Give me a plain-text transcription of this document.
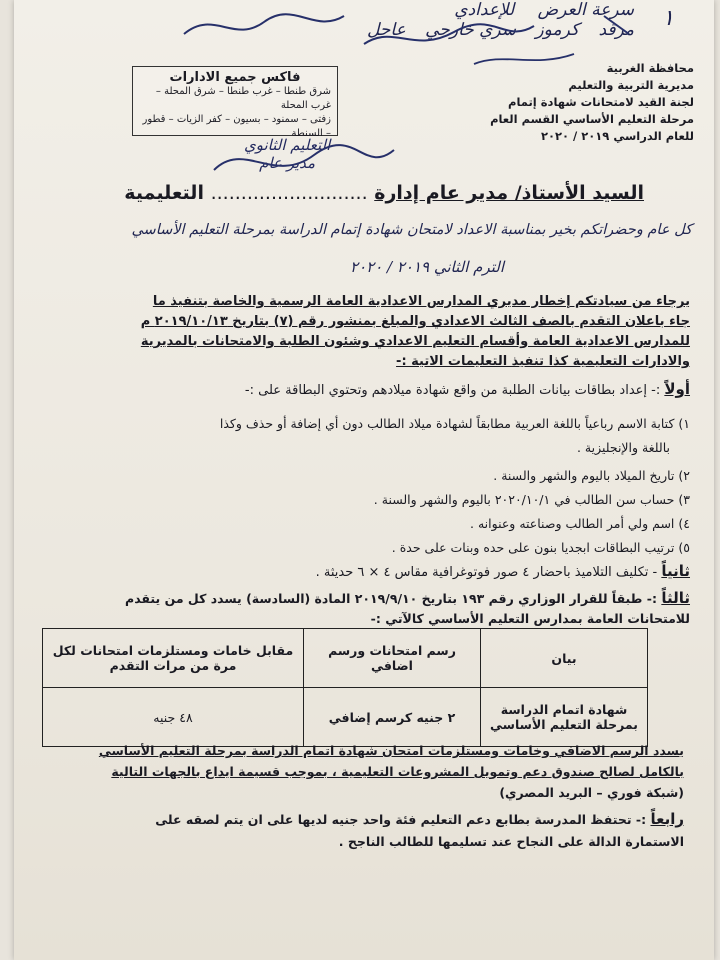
سرعة العرض للإعدادي
مرقد كرموز سري خارجي عاجل	١
فاكس جميع الادارات
شرق طنطا – غرب طنطا – شرق المحلة – غرب المحلة
زفتى – سمنود – بسيون – كفر الزيات – قطور – السنطة
التعليم الثانوي
مدير عام
محافظة الغربية
مديرية التربية والتعليم
لجنة القيد لامتحانات شهادة إتمام
مرحلة التعليم الأساسي القسم العام
للعام الدراسي ٢٠١٩ / ٢٠٢٠
السيد الأستاذ/ مدير عام إدارة .......................... التعليمية
كل عام وحضراتكم بخير بمناسبة الاعداد لامتحان شهادة إتمام الدراسة بمرحلة التعليم الأساسي
الترم الثاني ٢٠١٩ / ٢٠٢٠
يرجاء من سيادتكم إخطار مديري المدارس الاعدادية العامة الرسمية والخاصة بتنفيذ ما
جاء باعلان التقدم بالصف الثالث الاعدادي والمبلغ بمنشور رقم (٧) بتاريخ ٢٠١٩/١٠/١٣ م
للمدارس الاعدادية العامة وأقسام التعليم الاعدادي وشئون الطلبة والامتحانات بالمديرية
والادارات التعليمية كذا تنفيذ التعليمات الاتية :-
أولاً :- إعداد بطاقات بيانات الطلبة من واقع شهادة ميلادهم وتحتوي البطاقة على :-
١) كتابة الاسم رباعياً باللغة العربية مطابقاً لشهادة ميلاد الطالب دون أي إضافة أو حذف وكذا
باللغة والإنجليزية .
٢) تاريخ الميلاد باليوم والشهر والسنة .
٣) حساب سن الطالب في ٢٠٢٠/١٠/١ باليوم والشهر والسنة .
٤) اسم ولي أمر الطالب وصناعته وعنوانه .
٥) ترتيب البطاقات ابجديا بنون على حده وبنات على حدة .
ثانياً - تكليف التلاميذ باحضار ٤ صور فوتوغرافية مقاس ٤ × ٦ حديثة .
ثالثاً :- طبقاً للقرار الوزاري رقم ١٩٣ بتاريخ ٢٠١٩/٩/١٠ المادة (السادسة) يسدد كل من يتقدم
للامتحانات العامة بمدارس التعليم الأساسي كالآتي :-
بيان	رسم امتحانات ورسم اضافي	مقابل خامات ومستلزمات امتحانات لكل مرة من مرات التقدم
شهادة اتمام الدراسة بمرحلة التعليم الأساسي	٢ جنيه كرسم إضافي	٤٨ جنيه
يسدد الرسم الاضافي وخامات ومستلزمات امتحان شهادة اتمام الدراسة بمرحلة التعليم الأساسي
بالكامل لصالح صندوق دعم وتمويل المشروعات التعليمية ، بموجب قسيمة ايداع بالجهات التالية
(شبكة فوري – البريد المصري)
رابعاً :- تحتفظ المدرسة بطابع دعم التعليم فئة واحد جنيه لديها على ان يتم لصقه على
الاستمارة الدالة على النجاح عند تسليمها للطالب الناجح .
